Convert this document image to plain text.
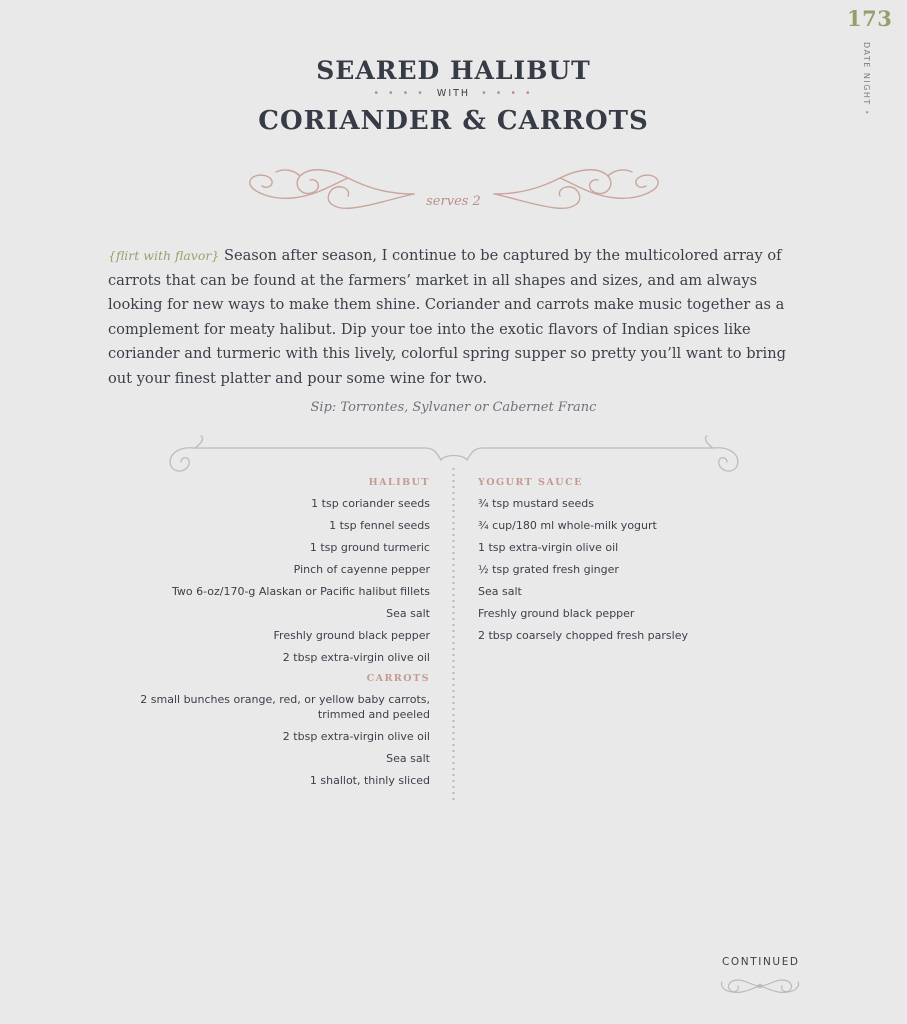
173
DATE NIGHT •
SEARED HALIBUT
• • • • WITH • • • •
CORIANDER & CARROTS
serves 2
{flirt with flavor} Season after season, I continue to be captured by the multicolored array of carrots that can be found at the farmers’ market in all shapes and sizes, and am always looking for new ways to make them shine. Coriander and carrots make music together as a complement for meaty halibut. Dip your toe into the exotic flavors of Indian spices like coriander and turmeric with this lively, colorful spring supper so pretty you’ll want to bring out your finest platter and pour some wine for two.
Sip: Torrontes, Sylvaner or Cabernet Franc
HALIBUT
1 tsp coriander seeds
1 tsp fennel seeds
1 tsp ground turmeric
Pinch of cayenne pepper
Two 6-oz/170-g Alaskan or Pacific halibut fillets
Sea salt
Freshly ground black pepper
2 tbsp extra-virgin olive oil
CARROTS
2 small bunches orange, red, or yellow baby carrots, trimmed and peeled
2 tbsp extra-virgin olive oil
Sea salt
1 shallot, thinly sliced
YOGURT SAUCE
¾ tsp mustard seeds
¾ cup/180 ml whole-milk yogurt
1 tsp extra-virgin olive oil
½ tsp grated fresh ginger
Sea salt
Freshly ground black pepper
2 tbsp coarsely chopped fresh parsley
CONTINUED
